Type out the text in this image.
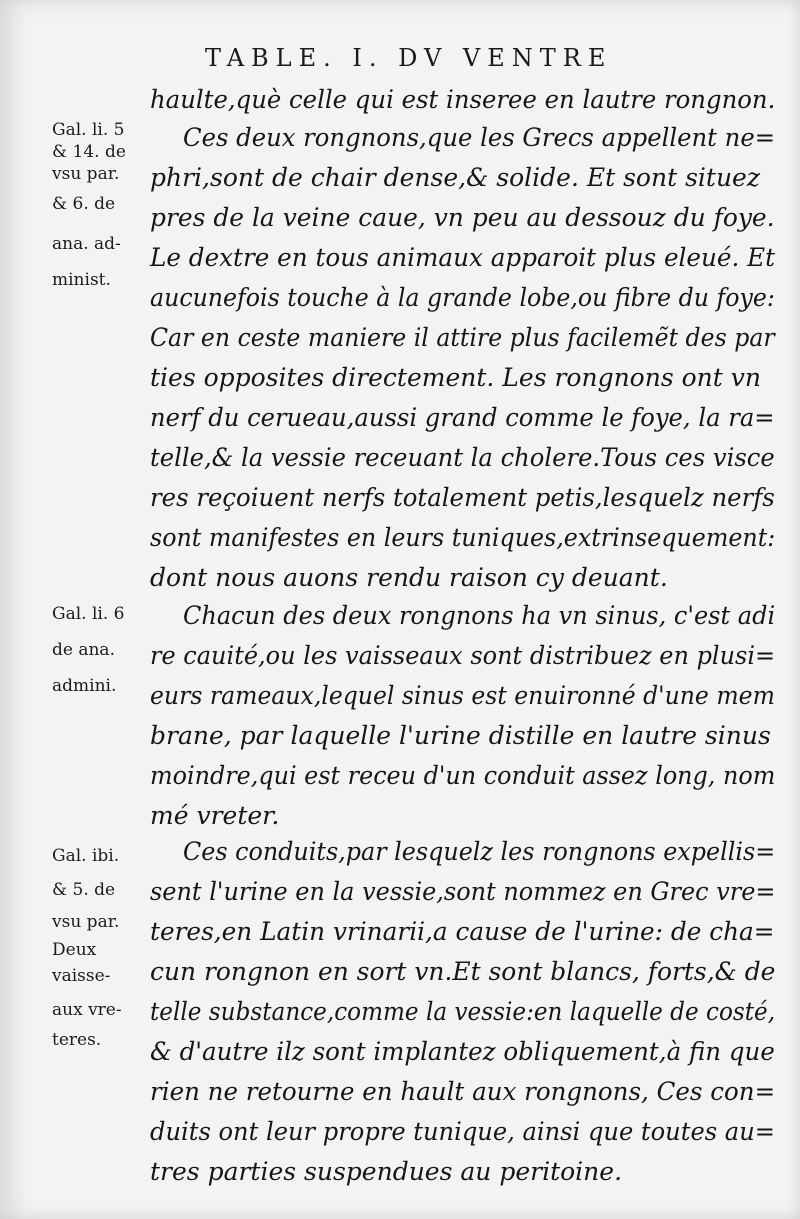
TABLE. I. DV VENTRE
haulte,què celle qui est inseree en lautre rongnon.
Ces deux rongnons,que les Grecs appellent ne=
phri,sont de chair dense,& solide. Et sont situez
pres de la veine caue, vn peu au dessouz du foye.
Le dextre en tous animaux apparoit plus eleué. Et
aucunefois touche à la grande lobe,ou fibre du foye:
Car en ceste maniere il attire plus facilemẽt des par
ties opposites directement. Les rongnons ont vn
nerf du cerueau,aussi grand comme le foye, la ra=
telle,& la vessie receuant la cholere.Tous ces visce
res reçoiuent nerfs totalement petis,lesquelz nerfs
sont manifestes en leurs tuniques,extrinsequement:
dont nous auons rendu raison cy deuant.
Chacun des deux rongnons ha vn sinus, c'est adi
re cauité,ou les vaisseaux sont distribuez en plusi=
eurs rameaux,lequel sinus est enuironné d'une mem
brane, par laquelle l'urine distille en lautre sinus
moindre,qui est receu d'un conduit assez long, nom
mé vreter.
Ces conduits,par lesquelz les rongnons expellis=
sent l'urine en la vessie,sont nommez en Grec vre=
teres,en Latin vrinarii,a cause de l'urine: de cha=
cun rongnon en sort vn.Et sont blancs, forts,& de
telle substance,comme la vessie:en laquelle de costé,
& d'autre ilz sont implantez obliquement,à fin que
rien ne retourne en hault aux rongnons, Ces con=
duits ont leur propre tunique, ainsi que toutes au=
tres parties suspendues au peritoine.
Gal. li. 5
& 14. de
vsu par.
& 6. de
ana. ad-
minist.
Gal. li. 6
de ana.
admini.
Gal. ibi.
& 5. de
vsu par.
Deux
vaisse-
aux vre-
teres.
